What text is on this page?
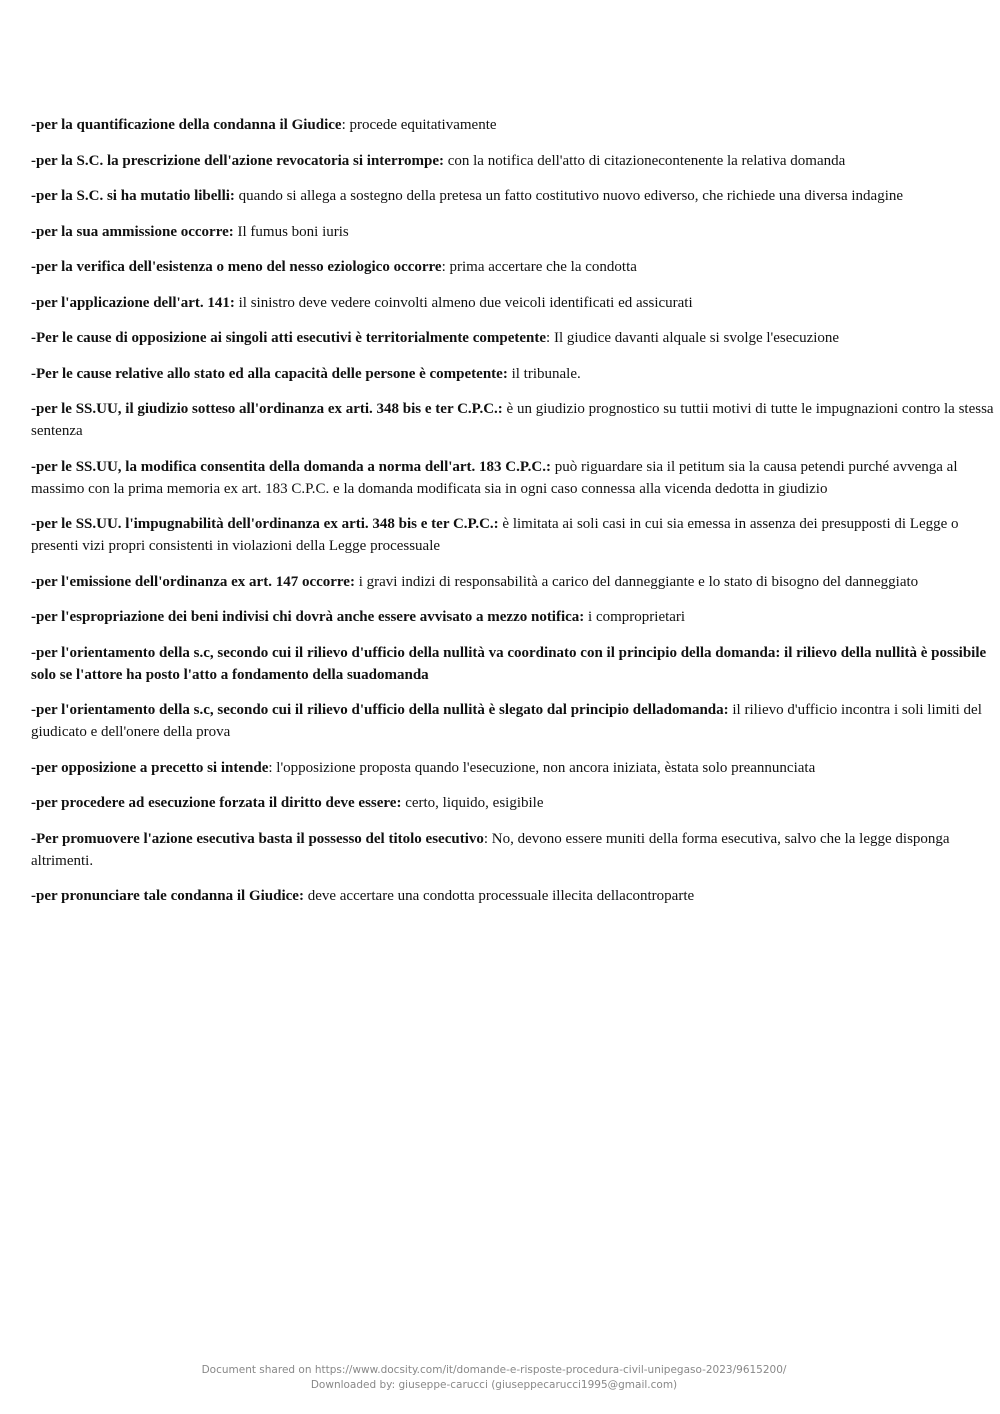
-per la quantificazione della condanna il Giudice: procede equitativamente

-per la S.C. la prescrizione dell'azione revocatoria si interrompe: con la notifica dell'atto di citazionecontenente la relativa domanda

-per la S.C. si ha mutatio libelli: quando si allega a sostegno della pretesa un fatto costitutivo nuovo ediverso, che richiede una diversa indagine

-per la sua ammissione occorre: Il fumus boni iuris

-per la verifica dell'esistenza o meno del nesso eziologico occorre: prima accertare che la condotta

-per l'applicazione dell'art. 141: il sinistro deve vedere coinvolti almeno due veicoli identificati ed assicurati

-Per le cause di opposizione ai singoli atti esecutivi è territorialmente competente: Il giudice davanti alquale si svolge l'esecuzione

-Per le cause relative allo stato ed alla capacità delle persone è competente: il tribunale.

-per le SS.UU, il giudizio sotteso all'ordinanza ex arti. 348 bis e ter C.P.C.: è un giudizio prognostico su tuttii motivi di tutte le impugnazioni contro la stessa sentenza

-per le SS.UU, la modifica consentita della domanda a norma dell'art. 183 C.P.C.: può riguardare sia il petitum sia la causa petendi purché avvenga al massimo con la prima memoria ex art. 183 C.P.C. e la domanda modificata sia in ogni caso connessa alla vicenda dedotta in giudizio

-per le SS.UU. l'impugnabilità dell'ordinanza ex arti. 348 bis e ter C.P.C.: è limitata ai soli casi in cui sia emessa in assenza dei presupposti di Legge o presenti vizi propri consistenti in violazioni della Legge processuale

-per l'emissione dell'ordinanza ex art. 147 occorre: i gravi indizi di responsabilità a carico del danneggiante e lo stato di bisogno del danneggiato

-per l'espropriazione dei beni indivisi chi dovrà anche essere avvisato a mezzo notifica: i comproprietari

-per l'orientamento della s.c, secondo cui il rilievo d'ufficio della nullità va coordinato con il principio della domanda: il rilievo della nullità è possibile solo se l'attore ha posto l'atto a fondamento della suadomanda

-per l'orientamento della s.c, secondo cui il rilievo d'ufficio della nullità è slegato dal principio delladomanda: il rilievo d'ufficio incontra i soli limiti del giudicato e dell'onere della prova

-per opposizione a precetto si intende: l'opposizione proposta quando l'esecuzione, non ancora iniziata, èstata solo preannunciata

-per procedere ad esecuzione forzata il diritto deve essere: certo, liquido, esigibile

-Per promuovere l'azione esecutiva basta il possesso del titolo esecutivo: No, devono essere muniti della forma esecutiva, salvo che la legge disponga altrimenti.

-per pronunciare tale condanna il Giudice: deve accertare una condotta processuale illecita dellacontroparte

Document shared on https://www.docsity.com/it/domande-e-risposte-procedura-civil-unipegaso-2023/9615200/
Downloaded by: giuseppe-carucci (giuseppecarucci1995@gmail.com)
